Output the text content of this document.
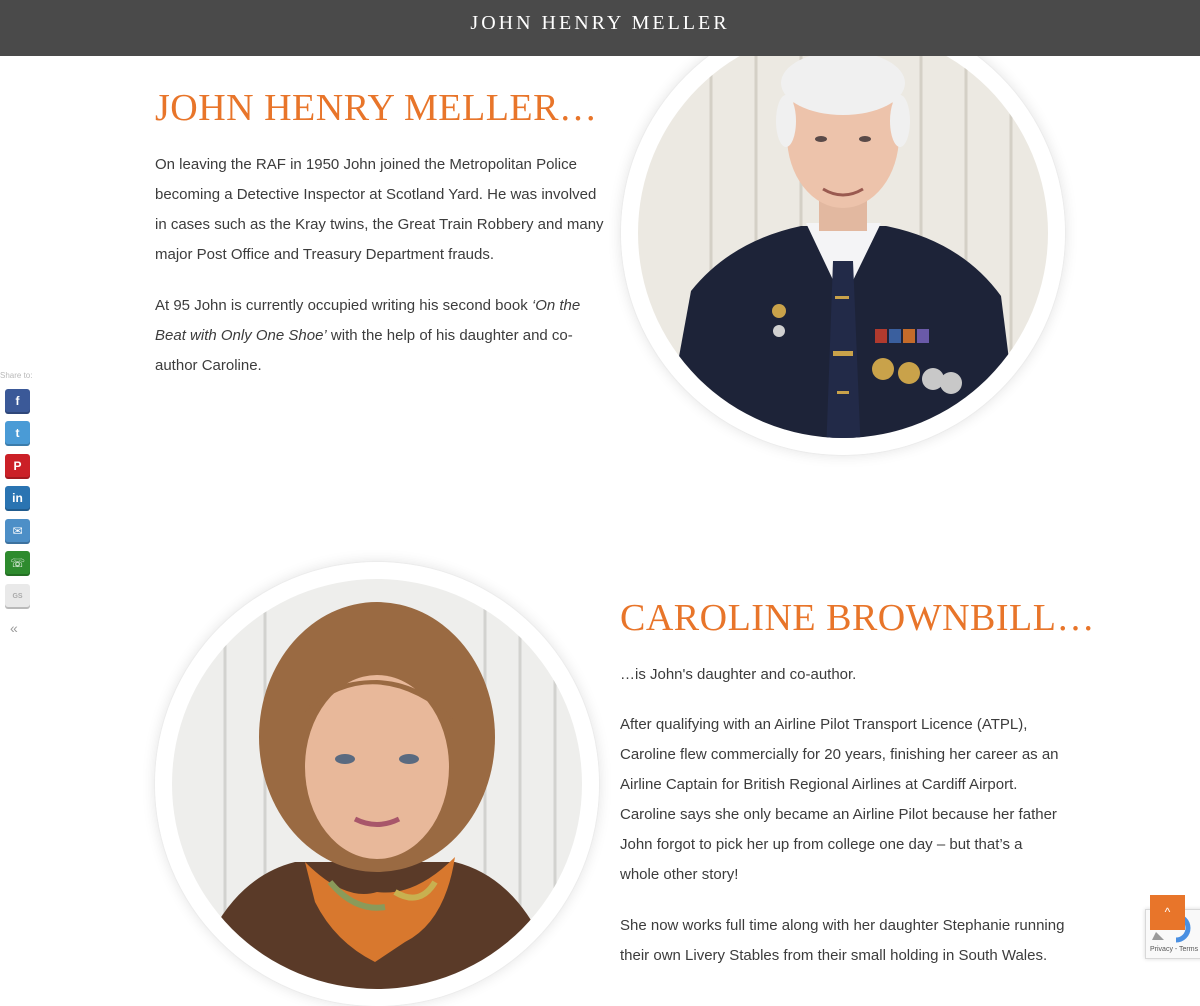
JOHN HENRY MELLER
JOHN HENRY MELLER…

On leaving the RAF in 1950 John joined the Metropolitan Police becoming a Detective Inspector at Scotland Yard. He was involved in cases such as the Kray twins, the Great Train Robbery and many major Post Office and Treasury Department frauds.

At 95 John is currently occupied writing his second book ‘On the Beat with Only One Shoe’ with the help of his daughter and co-author Caroline.

CAROLINE BROWNBILL…

…is John's daughter and co-author.

After qualifying with an Airline Pilot Transport Licence (ATPL), Caroline flew commercially for 20 years, finishing her career as an Airline Captain for British Regional Airlines at Cardiff Airport. Caroline says she only became an Airline Pilot because her father John forgot to pick her up from college one day – but that’s a whole other story!

She now works full time along with her daughter Stephanie running their own Livery Stables from their small holding in South Wales.

Share to:
f
t
P
in
✉
☏
GS
«
^
Privacy - Terms
